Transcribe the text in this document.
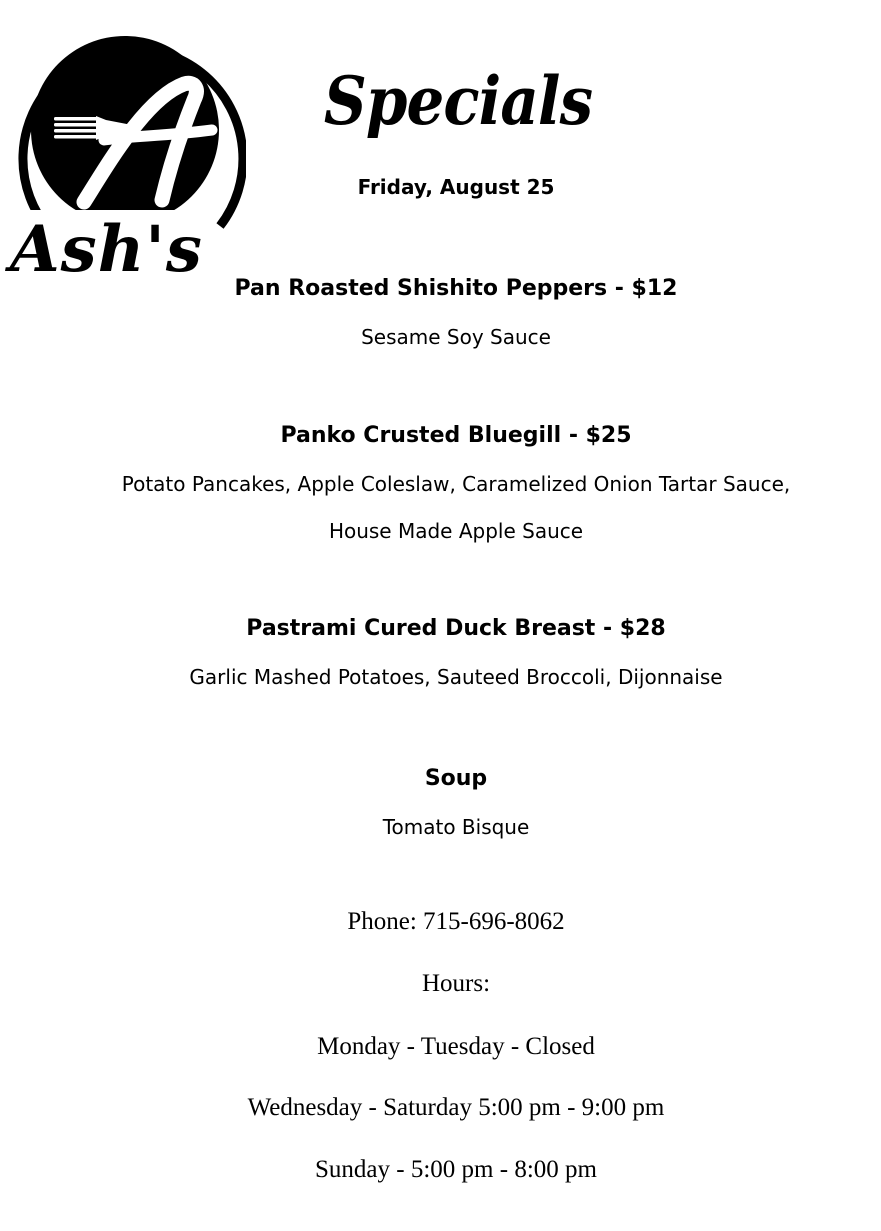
Ash's
Specials
Friday, August 25
Pan Roasted Shishito Peppers - $12
Sesame Soy Sauce
Panko Crusted Bluegill - $25
Potato Pancakes, Apple Coleslaw, Caramelized Onion Tartar Sauce,
House Made Apple Sauce
Pastrami Cured Duck Breast - $28
Garlic Mashed Potatoes, Sauteed Broccoli, Dijonnaise
Soup
Tomato Bisque
Phone: 715-696-8062
Hours:
Monday - Tuesday - Closed
Wednesday - Saturday 5:00 pm - 9:00 pm
Sunday - 5:00 pm - 8:00 pm
